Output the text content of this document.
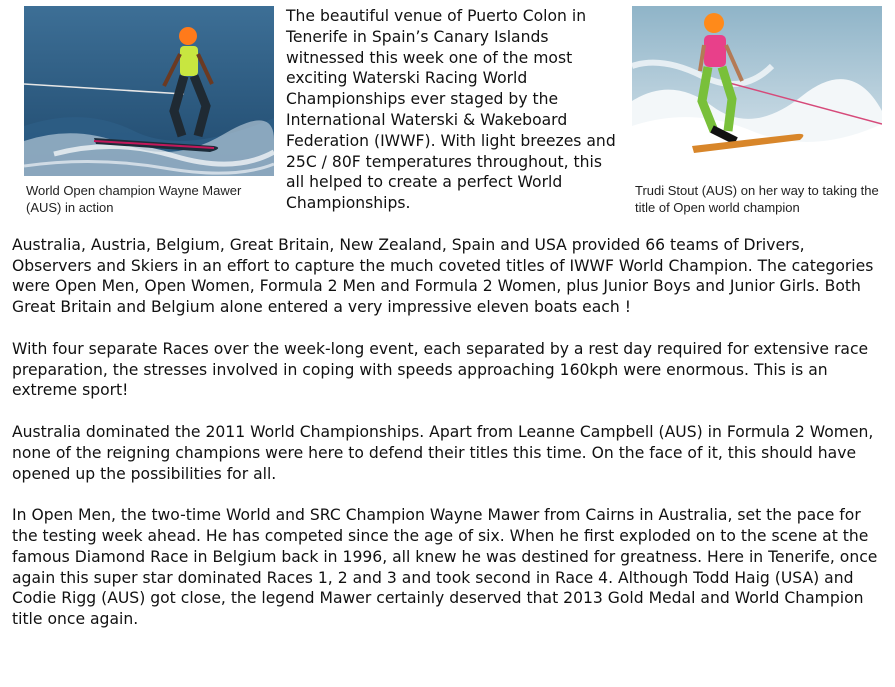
World Open champion Wayne Mawer (AUS) in action
Trudi Stout (AUS) on her way to taking the title of Open world champion

The beautiful venue of Puerto Colon in Tenerife in Spain’s Canary Islands witnessed this week one of the most exciting Waterski Racing World Championships ever staged by the International Waterski & Wakeboard Federation (IWWF). With light breezes and 25C / 80F temperatures throughout, this all helped to create a perfect World Championships.

Australia, Austria, Belgium, Great Britain, New Zealand, Spain and USA provided 66 teams of Drivers, Observers and Skiers in an effort to capture the much coveted titles of IWWF World Champion. The categories were Open Men, Open Women, Formula 2 Men and Formula 2 Women, plus Junior Boys and Junior Girls. Both Great Britain and Belgium alone entered a very impressive eleven boats each !

With four separate Races over the week-long event, each separated by a rest day required for extensive race preparation, the stresses involved in coping with speeds approaching 160kph were enormous. This is an extreme sport!

Australia dominated the 2011 World Championships. Apart from Leanne Campbell (AUS) in Formula 2 Women, none of the reigning champions were here to defend their titles this time. On the face of it, this should have opened up the possibilities for all.

In Open Men, the two-time World and SRC Champion Wayne Mawer from Cairns in Australia, set the pace for the testing week ahead. He has competed since the age of six. When he first exploded on to the scene at the famous Diamond Race in Belgium back in 1996, all knew he was destined for greatness. Here in Tenerife, once again this super star dominated Races 1, 2 and 3 and took second in Race 4. Although Todd Haig (USA) and Codie Rigg (AUS) got close, the legend Mawer certainly deserved that 2013 Gold Medal and World Champion title once again.
